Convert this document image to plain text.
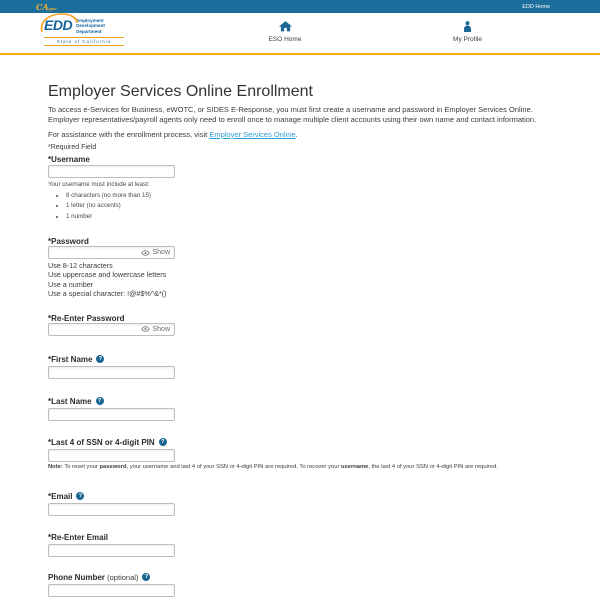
CA.gov	EDD Home
EDD Employment
Development
Department
State of California	ESO Home	My Profile
Employer Services Online Enrollment

To access e-Services for Business, eWOTC, or SIDES E-Response, you must first create a username and password in Employer Services Online. Employer representatives/payroll agents only need to enroll once to manage multiple client accounts using their own name and contact information.

For assistance with the enrollment process, visit Employer Services Online.

*Required Field

*Username
Your username must include at least:
• 8 characters (no more than 15)
• 1 letter (no accents)
• 1 number
*Password
Show
Use 8-12 characters
Use uppercase and lowercase letters
Use a number
Use a special character: !@#$%^&*()
*Re-Enter Password
Show
*First Name ?
*Last Name ?
*Last 4 of SSN or 4-digit PIN ?

Note: To reset your password, your username and last 4 of your SSN or 4-digit PIN are required. To recover your username, the last 4 of your SSN or 4-digit PIN are required.

*Email ?
*Re-Enter Email
Phone Number (optional) ?
